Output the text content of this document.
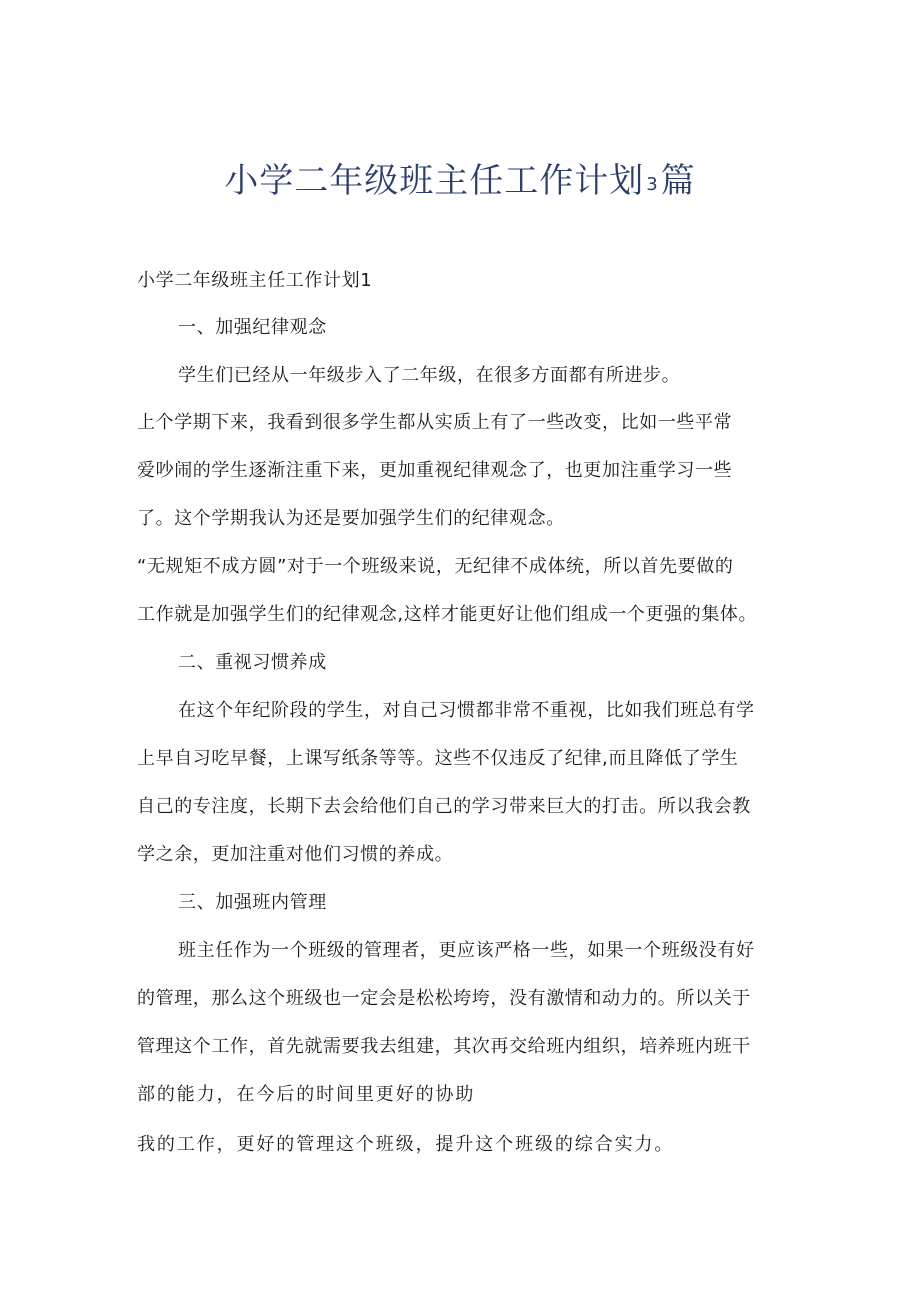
小学二年级班主任工作计划 3篇
小学二年级班主任工作计划1
一、加强纪律观念
学生们已经从一年级步入了二年级，在很多方面都有所进步。
上个学期下来，我看到很多学生都从实质上有了一些改变，比如一些平常
爱吵闹的学生逐渐注重下来，更加重视纪律观念了，也更加注重学习一些
了。这个学期我认为还是要加强学生们的纪律观念。
“无规矩不成方圆”对于一个班级来说，无纪律不成体统，所以首先要做的
工作就是加强学生们的纪律观念,这样才能更好让他们组成一个更强的集体。
二、重视习惯养成
在这个年纪阶段的学生，对自己习惯都非常不重视，比如我们班总有学
上早自习吃早餐，上课写纸条等等。这些不仅违反了纪律,而且降低了学生
自己的专注度，长期下去会给他们自己的学习带来巨大的打击。所以我会教
学之余，更加注重对他们习惯的养成。
三、加强班内管理
班主任作为一个班级的管理者，更应该严格一些，如果一个班级没有好
的管理，那么这个班级也一定会是松松垮垮，没有激情和动力的。所以关于
管理这个工作，首先就需要我去组建，其次再交给班内组织，培养班内班干
部的能力，在今后的时间里更好的协助
我的工作，更好的管理这个班级，提升这个班级的综合实力。
